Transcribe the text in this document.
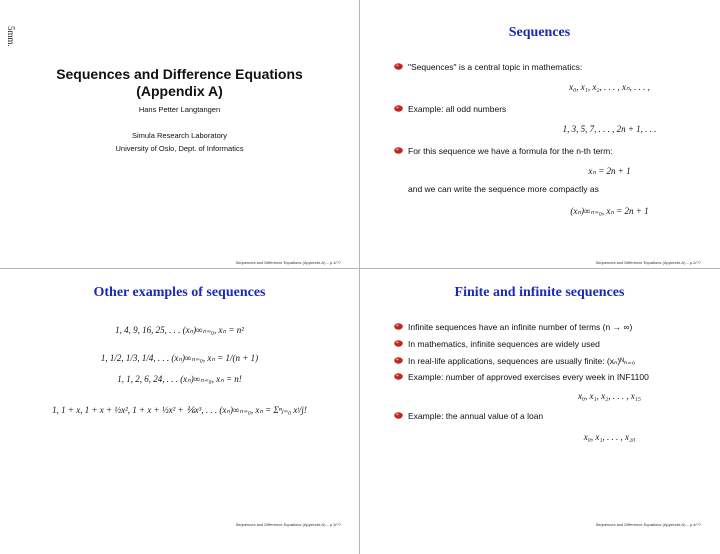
5mm.
Sequences and Difference Equations
(Appendix A)
Hans Petter Langtangen
Simula Research Laboratory
University of Oslo, Dept. of Informatics
Sequences and Difference Equations (Appendix A) – p.1/??
Sequences
"Sequences" is a central topic in mathematics:
x₀, x₁, x₂, . . . , xₙ, . . . ,
Example: all odd numbers
1, 3, 5, 7, . . . , 2n + 1, . . .
For this sequence we have a formula for the n-th term:
xₙ = 2n + 1
and we can write the sequence more compactly as
(xₙ)∞ₙ₌₀, xₙ = 2n + 1
Sequences and Difference Equations (Appendix A) – p.2/??
Other examples of sequences
1, 4, 9, 16, 25, . . . (xₙ)∞ₙ₌₀, xₙ = n²
1, 1/2, 1/3, 1/4, . . . (xₙ)∞ₙ₌₀, xₙ = 1/(n + 1)
1, 1, 2, 6, 24, . . . (xₙ)∞ₙ₌₀, xₙ = n!
1, 1 + x, 1 + x + ½x², 1 + x + ½x² + ⅙x³, . . . (xₙ)∞ₙ₌₀, xₙ = Σⁿⱼ₌₀ xʲ/j!
Sequences and Difference Equations (Appendix A) – p.3/??
Finite and infinite sequences
Infinite sequences have an infinite number of terms (n → ∞)
In mathematics, infinite sequences are widely used
In real-life applications, sequences are usually finite: (xₙ)ᴺₙ₌₀
Example: number of approved exercises every week in INF1100
x₀, x₁, x₂, . . . , x₁₅
Example: the annual value of a loan
x₀, x₁, . . . , x₂₀
Sequences and Difference Equations (Appendix A) – p.4/??
